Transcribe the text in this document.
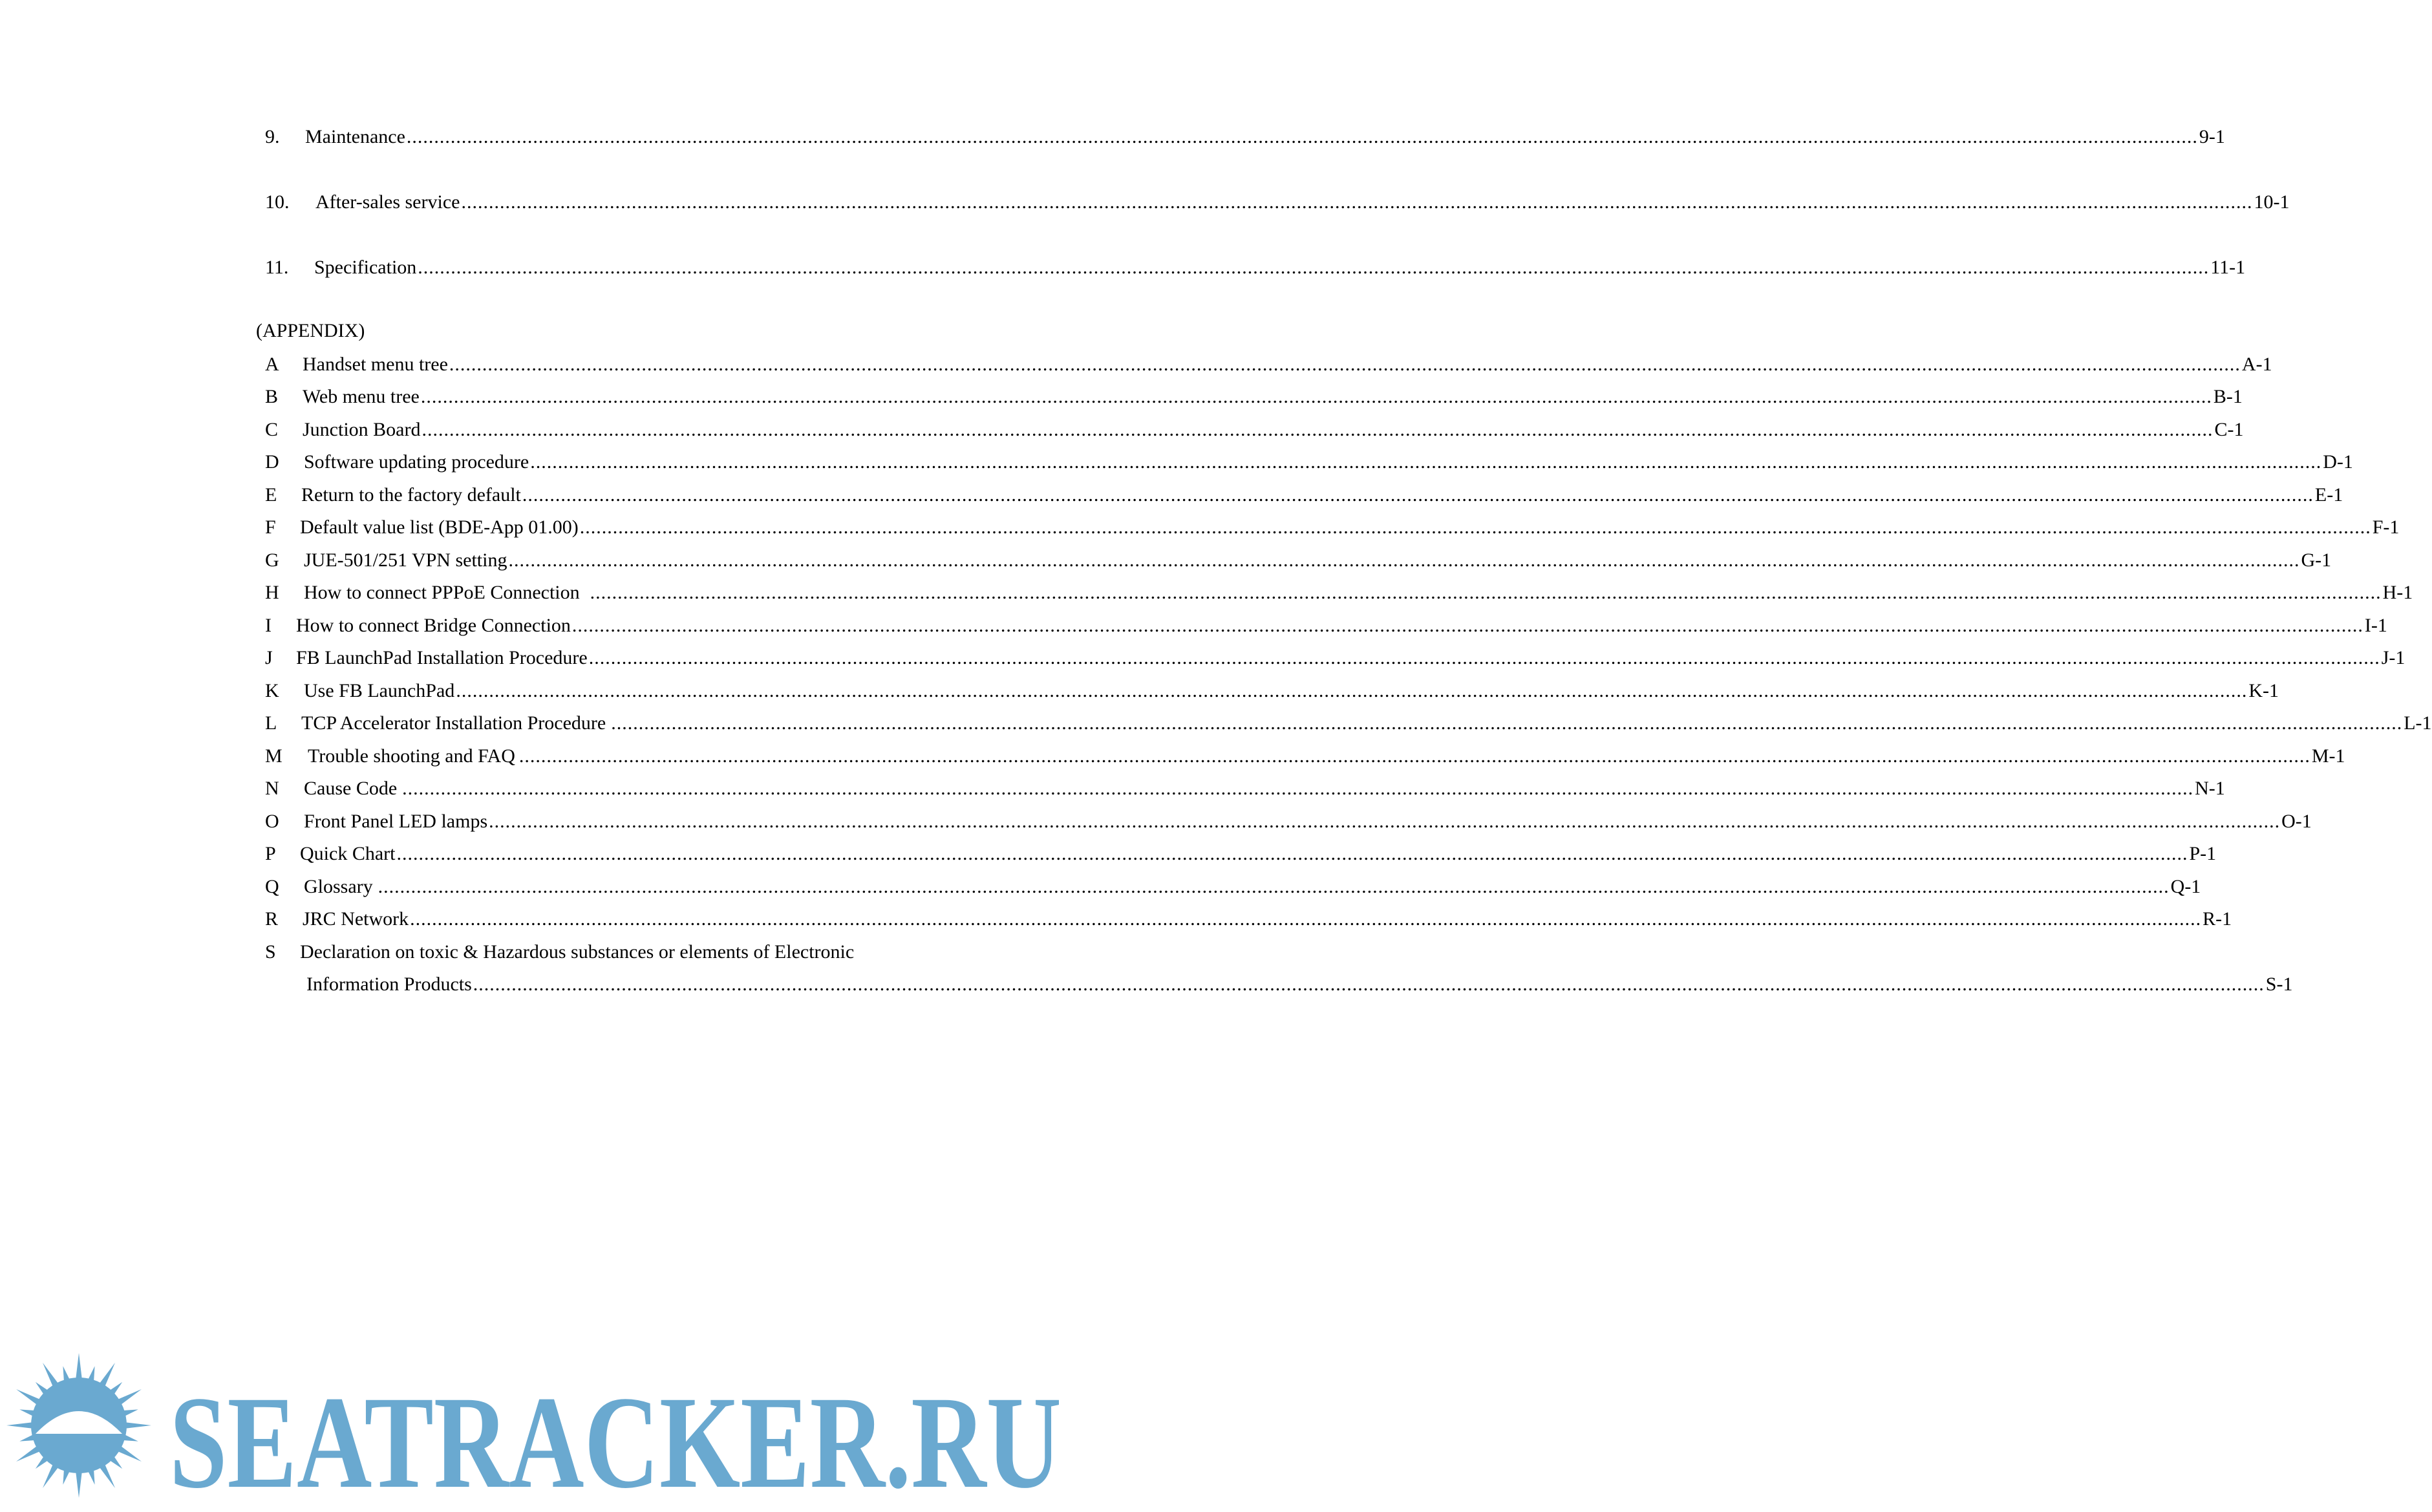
9.	Maintenance .....	9-1
10.	After-sales service .....	10-1
11.	Specification .....	11-1
(APPENDIX)
A	Handset menu tree .....	A-1
B	Web menu tree .....	B-1
C	Junction Board .....	C-1
D	Software updating procedure .....	D-1
E	Return to the factory default .....	E-1
F	Default value list (BDE-App 01.00) .....	F-1
G	JUE-501/251 VPN setting .....	G-1
H	How to connect PPPoE Connection .....	H-1
I	How to connect Bridge Connection .....	I-1
J	FB LaunchPad Installation Procedure .....	J-1
K	Use FB LaunchPad .....	K-1
L	TCP Accelerator Installation Procedure .....	L-1
M	Trouble shooting and FAQ .....	M-1
N	Cause Code .....	N-1
O	Front Panel LED lamps .....	O-1
P	Quick Chart .....	P-1
Q	Glossary .....	Q-1
R	JRC Network .....	R-1
S Declaration on toxic & Hazardous substances or elements of Electronic
Information Products .....	S-1
SEATRACKER.RU
